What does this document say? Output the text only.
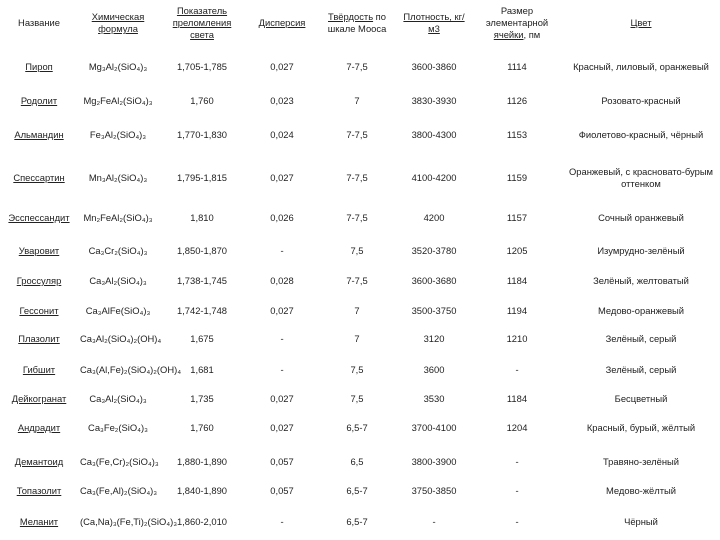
Название	Химическая формула	Показатель преломления света	Дисперсия	Твёрдость по шкале Мооса	Плотность, кг/м3	Размер элементарной ячейки, пм	Цвет
Пироп	Mg₃Al₂(SiO₄)₃	1,705-1,785	0,027	7-7,5	3600-3860	1114	Красный, лиловый, оранжевый
Родолит	Mg₂FeAl₂(SiO₄)₃	1,760	0,023	7	3830-3930	1126	Розовато-красный
Альмандин	Fe₃Al₂(SiO₄)₃	1,770-1,830	0,024	7-7,5	3800-4300	1153	Фиолетово-красный, чёрный
Спессартин	Mn₃Al₂(SiO₄)₃	1,795-1,815	0,027	7-7,5	4100-4200	1159	Оранжевый, с красновато-бурым оттенком
Эсспессандит	Mn₂FeAl₂(SiO₄)₃	1,810	0,026	7-7,5	4200	1157	Сочный оранжевый
Уваровит	Ca₃Cr₂(SiO₄)₃	1,850-1,870	-	7,5	3520-3780	1205	Изумрудно-зелёный
Гроссуляр	Ca₃Al₂(SiO₄)₃	1,738-1,745	0,028	7-7,5	3600-3680	1184	Зелёный, желтоватый
Гессонит	Ca₃AlFe(SiO₄)₃	1,742-1,748	0,027	7	3500-3750	1194	Медово-оранжевый
Плазолит	Ca₃Al₂(SiO₄)₂(OH)₄	1,675	-	7	3120	1210	Зелёный, серый
Гибшит	Ca₃(Al,Fe)₂(SiO₄)₂(OH)₄	1,681	-	7,5	3600	-	Зелёный, серый
Дейкогранат	Ca₃Al₂(SiO₄)₃	1,735	0,027	7,5	3530	1184	Бесцветный
Андрадит	Ca₃Fe₂(SiO₄)₃	1,760	0,027	6,5-7	3700-4100	1204	Красный, бурый, жёлтый
Демантоид	Ca₃(Fe,Cr)₂(SiO₄)₃	1,880-1,890	0,057	6,5	3800-3900	-	Травяно-зелёный
Топазолит	Ca₃(Fe,Al)₂(SiO₄)₃	1,840-1,890	0,057	6,5-7	3750-3850	-	Медово-жёлтый
Меланит	(Ca,Na)₃(Fe,Ti)₂(SiO₄)₃	1,860-2,010	-	6,5-7	-	-	Чёрный
